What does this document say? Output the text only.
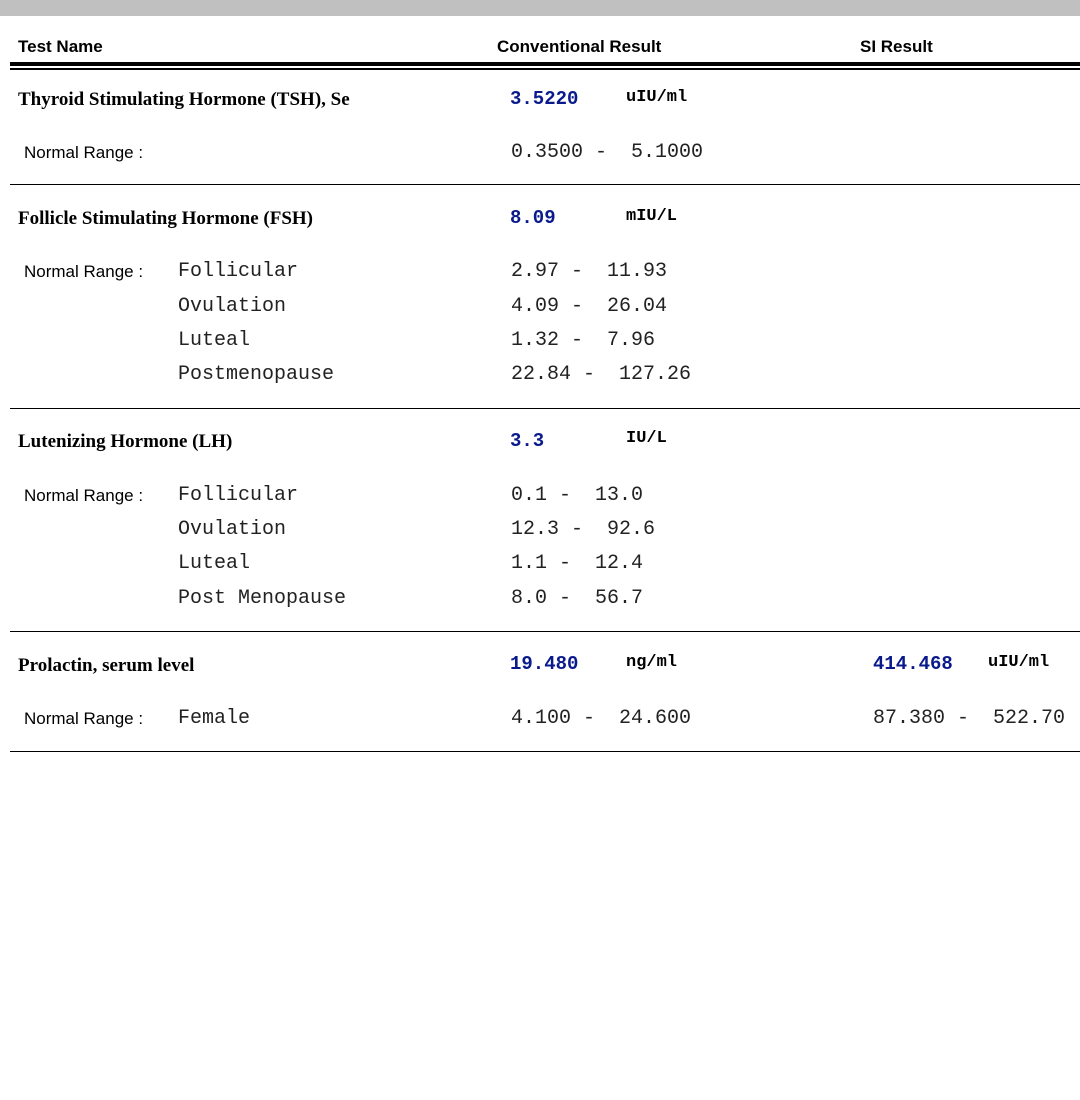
Test Name	Conventional Result	SI Result
Thyroid Stimulating Hormone (TSH), Se	3.5220	uIU/ml
Normal Range :	0.3500 -  5.1000
Follicle Stimulating Hormone (FSH)	8.09	mIU/L
Normal Range : Follicular	2.97 -  11.93
Ovulation	4.09 -  26.04
Luteal	1.32 -  7.96
Postmenopause	22.84 -  127.26
Lutenizing Hormone (LH)	3.3	IU/L
Normal Range : Follicular	0.1 -  13.0
Ovulation	12.3 -  92.6
Luteal	1.1 -  12.4
Post Menopause	8.0 -  56.7
Prolactin, serum level	19.480	ng/ml	414.468 uIU/ml
Normal Range : Female	4.100 -  24.600	87.380 -  522.70
